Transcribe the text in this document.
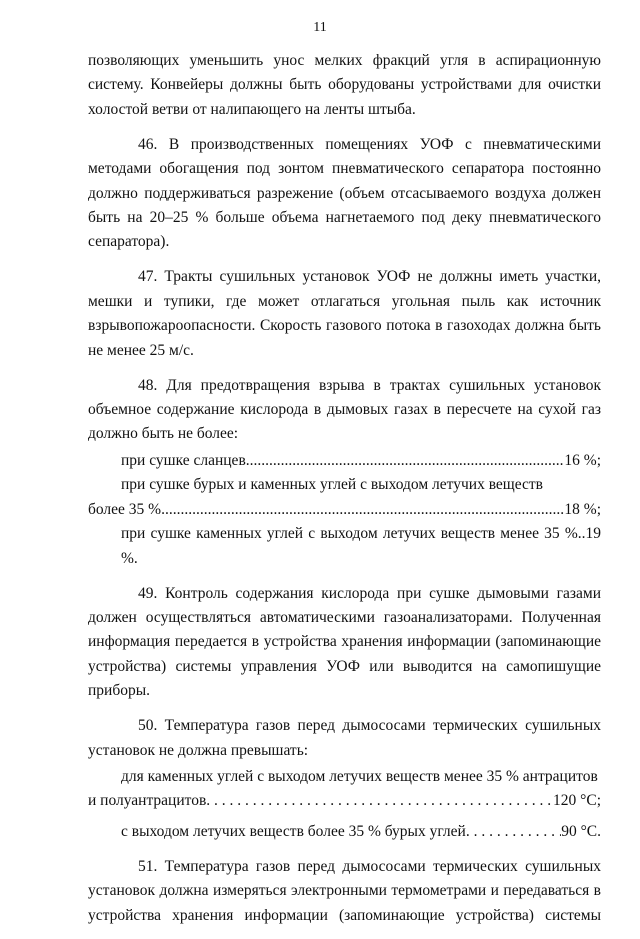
11

позволяющих уменьшить унос мелких фракций угля в аспирационную систему. Конвейеры должны быть оборудованы устройствами для очистки холостой ветви от налипающего на ленты штыба.

46. В производственных помещениях УОФ с пневматическими методами обогащения под зонтом пневматического сепаратора постоянно должно поддерживаться разрежение (объем отсасываемого воздуха должен быть на 20–25 % больше объема нагнетаемого под деку пневматического сепаратора).

47. Тракты сушильных установок УОФ не должны иметь участки, мешки и тупики, где может отлагаться угольная пыль как источник взрывопожароопасности. Скорость газового потока в газоходах должна быть не менее 25 м/с.

48. Для предотвращения взрыва в трактах сушильных установок объемное содержание кислорода в дымовых газах в пересчете на сухой газ должно быть не более:

при сушке сланцев .....	16 %;

при сушке бурых и каменных углей с выходом летучих веществ

более 35 % .....	18 %;

при сушке каменных углей с выходом летучих веществ менее 35 %..19 %.

49. Контроль содержания кислорода при сушке дымовыми газами должен осуществляться автоматическими газоанализаторами. Полученная информация передается в устройства хранения информации (запоминающие устройства) системы управления УОФ или выводится на самопишущие приборы.

50. Температура газов перед дымососами термических сушильных установок не должна превышать:

для каменных углей с выходом летучих веществ менее 35 % антрацитов

и полуантрацитов . . .	120 °С;
с выходом летучих веществ более 35 % бурых углей . . .	90 °С.

51. Температура газов перед дымососами термических сушильных установок должна измеряться электронными термометрами и передаваться в устройства хранения информации (запоминающие устройства) системы
